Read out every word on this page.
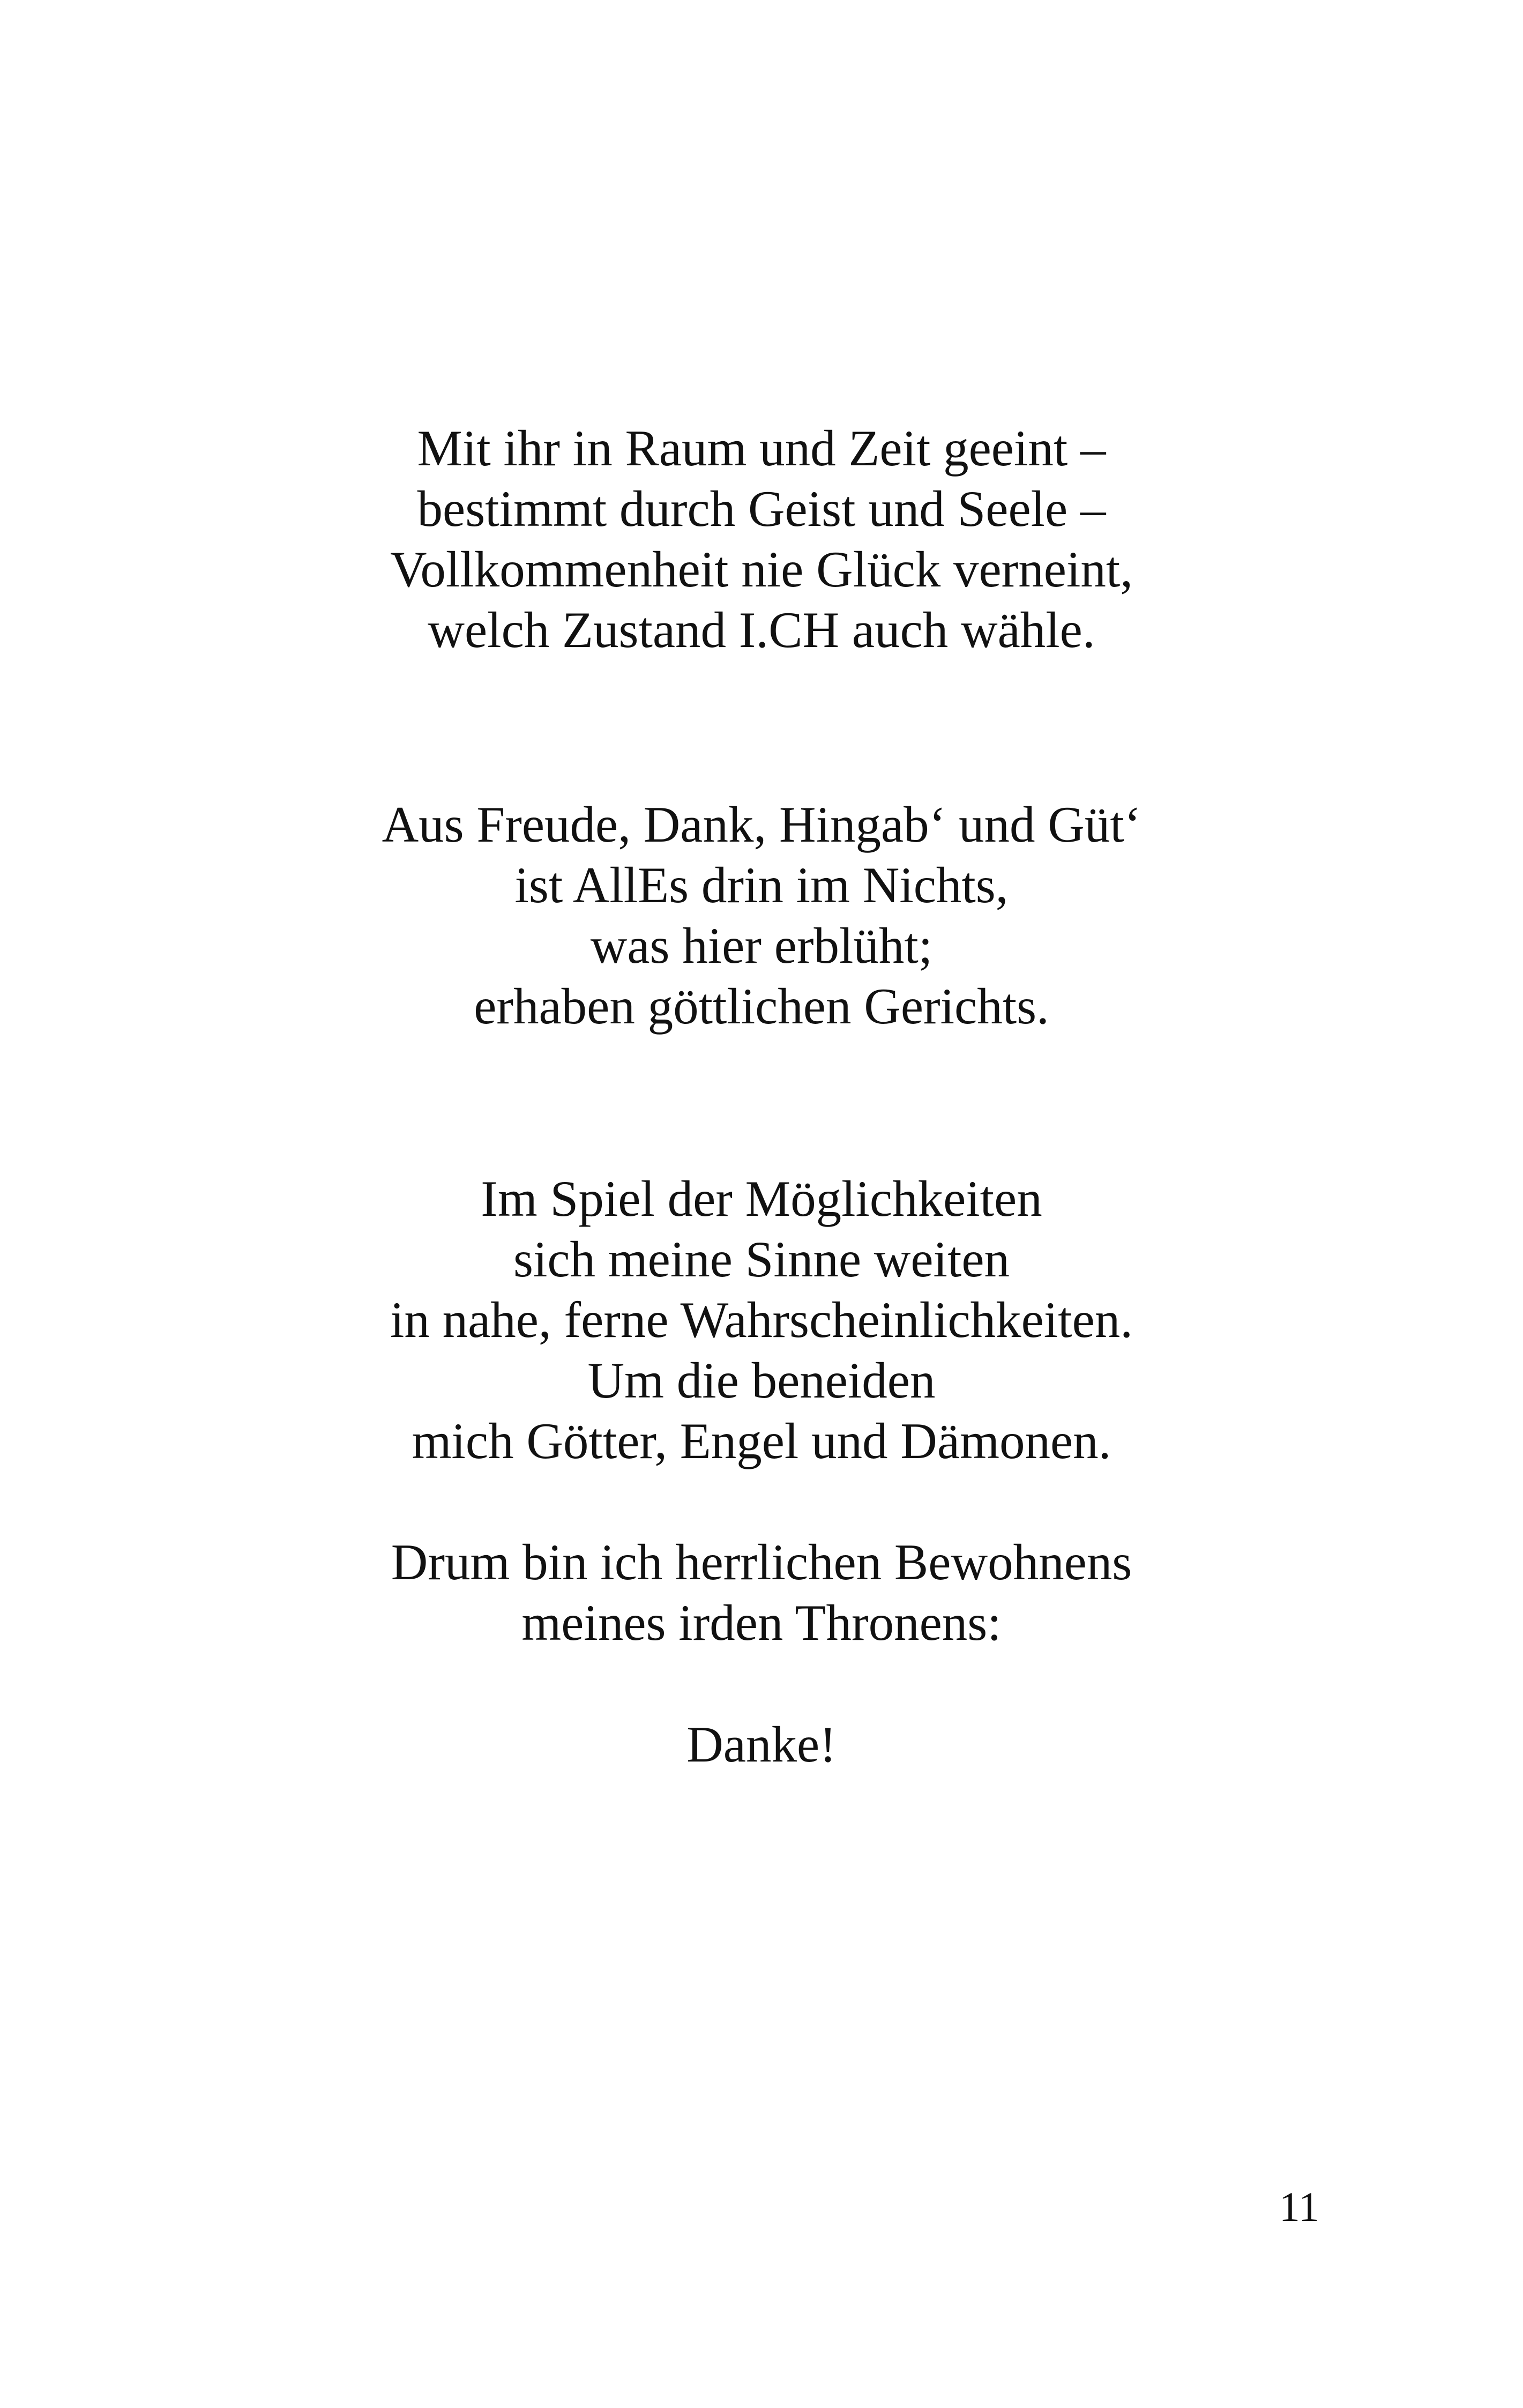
Mit ihr in Raum und Zeit geeint –
bestimmt durch Geist und Seele –
Vollkommenheit nie Glück verneint,
welch Zustand I.CH auch wähle.
Aus Freude, Dank, Hingab‘ und Güt‘
ist AllEs drin im Nichts,
was hier erblüht;
erhaben göttlichen Gerichts.
Im Spiel der Möglichkeiten
sich meine Sinne weiten
in nahe, ferne Wahrscheinlichkeiten.
Um die beneiden
mich Götter, Engel und Dämonen.
Drum bin ich herrlichen Bewohnens
meines irden Thronens:
Danke!
11
